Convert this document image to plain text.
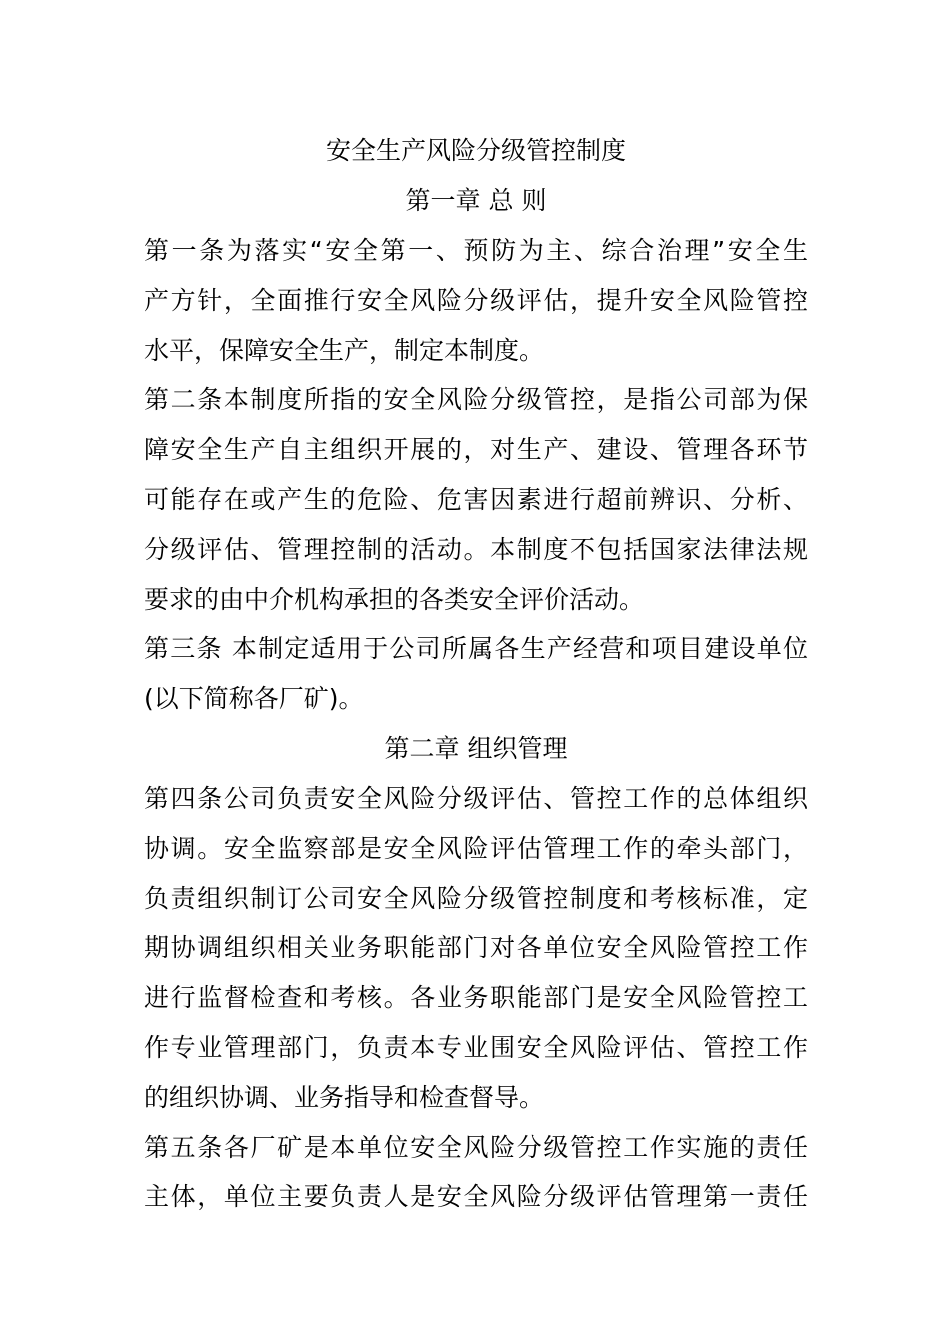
安全生产风险分级管控制度
第一章 总 则
第一条为落实“安全第一、预防为主、综合治理”安全生
产方针，全面推行安全风险分级评估，提升安全风险管控
水平，保障安全生产，制定本制度。
第二条本制度所指的安全风险分级管控，是指公司部为保
障安全生产自主组织开展的，对生产、建设、管理各环节
可能存在或产生的危险、危害因素进行超前辨识、分析、
分级评估、管理控制的活动。本制度不包括国家法律法规
要求的由中介机构承担的各类安全评价活动。
第三条 本制定适用于公司所属各生产经营和项目建设单位
(以下简称各厂矿)。
第二章 组织管理
第四条公司负责安全风险分级评估、管控工作的总体组织
协调。安全监察部是安全风险评估管理工作的牵头部门，
负责组织制订公司安全风险分级管控制度和考核标准，定
期协调组织相关业务职能部门对各单位安全风险管控工作
进行监督检查和考核。各业务职能部门是安全风险管控工
作专业管理部门，负责本专业围安全风险评估、管控工作
的组织协调、业务指导和检查督导。
第五条各厂矿是本单位安全风险分级管控工作实施的责任
主体，单位主要负责人是安全风险分级评估管理第一责任
